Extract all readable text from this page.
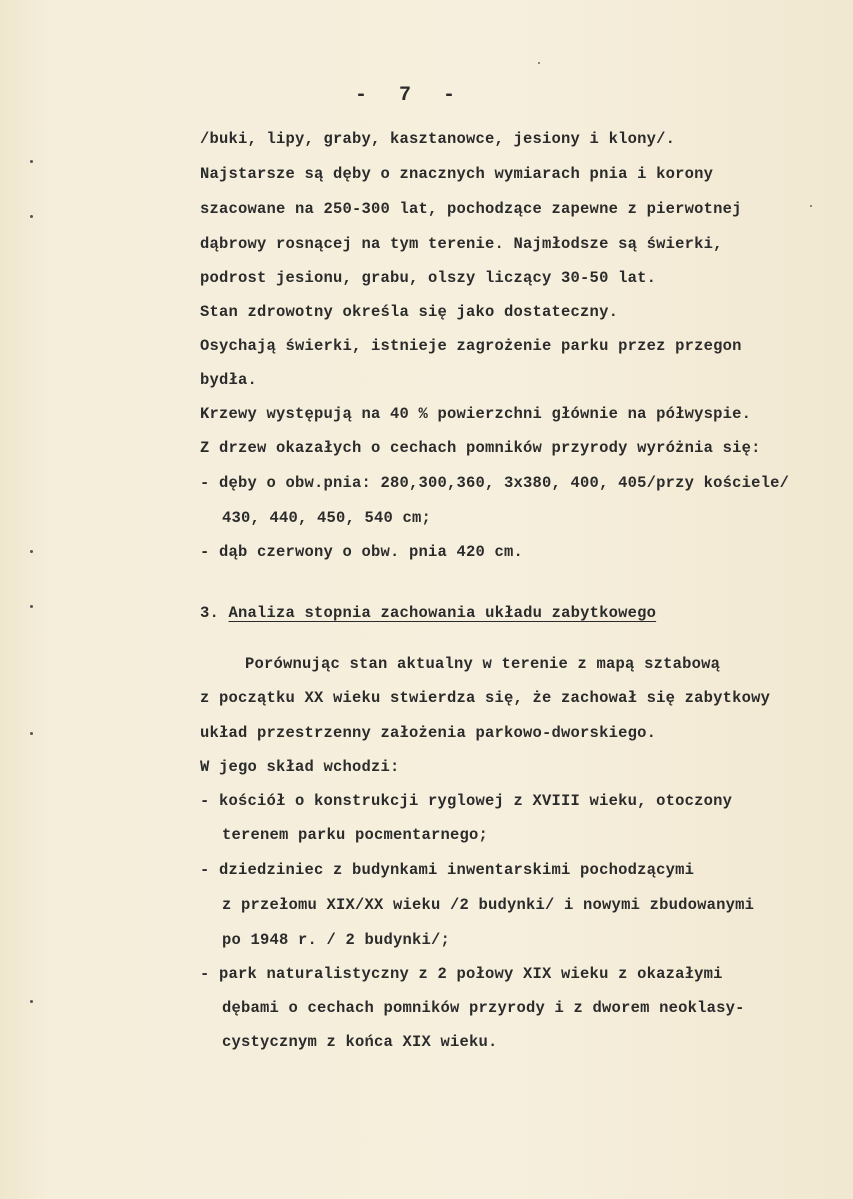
- 7 -
/buki, lipy, graby, kasztanowce, jesiony i klony/.
Najstarsze są dęby o znacznych wymiarach pnia i korony
szacowane na 250-300 lat, pochodzące zapewne z pierwotnej
dąbrowy rosnącej na tym terenie. Najmłodsze są świerki,
podrost jesionu, grabu, olszy liczący 30-50 lat.
Stan zdrowotny określa się jako dostateczny.
Osychają świerki, istnieje zagrożenie parku przez przegon
bydła.
Krzewy występują na 40 % powierzchni głównie na półwyspie.
Z drzew okazałych o cechach pomników przyrody wyróżnia się:
- dęby o obw.pnia: 280,300,360, 3x380, 400, 405/przy kościele/
430, 440, 450, 540 cm;
- dąb czerwony o obw. pnia 420 cm.
3. Analiza stopnia zachowania układu zabytkowego
Porównując stan aktualny w terenie z mapą sztabową
z początku XX wieku stwierdza się, że zachował się zabytkowy
układ przestrzenny założenia parkowo-dworskiego.
W jego skład wchodzi:
- kościół o konstrukcji ryglowej z XVIII wieku, otoczony
terenem parku pocmentarnego;
- dziedziniec z budynkami inwentarskimi pochodzącymi
z przełomu XIX/XX wieku /2 budynki/ i nowymi zbudowanymi
po 1948 r. / 2 budynki/;
- park naturalistyczny z 2 połowy XIX wieku z okazałymi
dębami o cechach pomników przyrody i z dworem neoklasy-
cystycznym z końca XIX wieku.
